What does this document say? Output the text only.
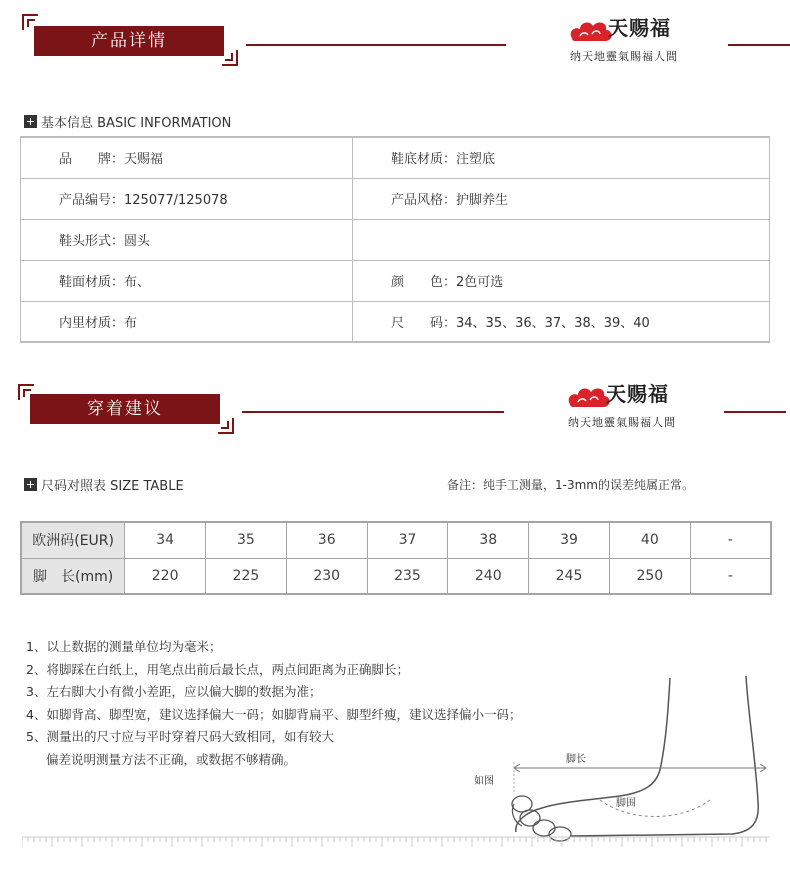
产品详情
天赐福
纳天地靈氣賜福人間
基本信息 BASIC INFORMATION
品　　牌：天赐福	鞋底材质：注塑底
产品编号：125077/125078	产品风格：护脚养生
鞋头形式：圆头	
鞋面材质：布、	颜　　色：2色可选
内里材质：布	尺　　码：34、35、36、37、38、39、40
穿着建议
天赐福
纳天地靈氣賜福人間
尺码对照表 SIZE TABLE	备注：纯手工测量，1-3mm的误差纯属正常。
欧洲码(EUR)	34	35	36	37	38	39	40	-
脚　长(mm)	220	225	230	235	240	245	250	-
1、以上数据的测量单位均为毫米；
2、将脚踩在白纸上，用笔点出前后最长点，两点间距离为正确脚长；
3、左右脚大小有微小差距，应以偏大脚的数据为准；
4、如脚背高、脚型宽，建议选择偏大一码；如脚背扁平、脚型纤瘦，建议选择偏小一码；
5、测量出的尺寸应与平时穿着尺码大致相同，如有较大
偏差说明测量方法不正确，或数据不够精确。	脚长
如图
脚围
